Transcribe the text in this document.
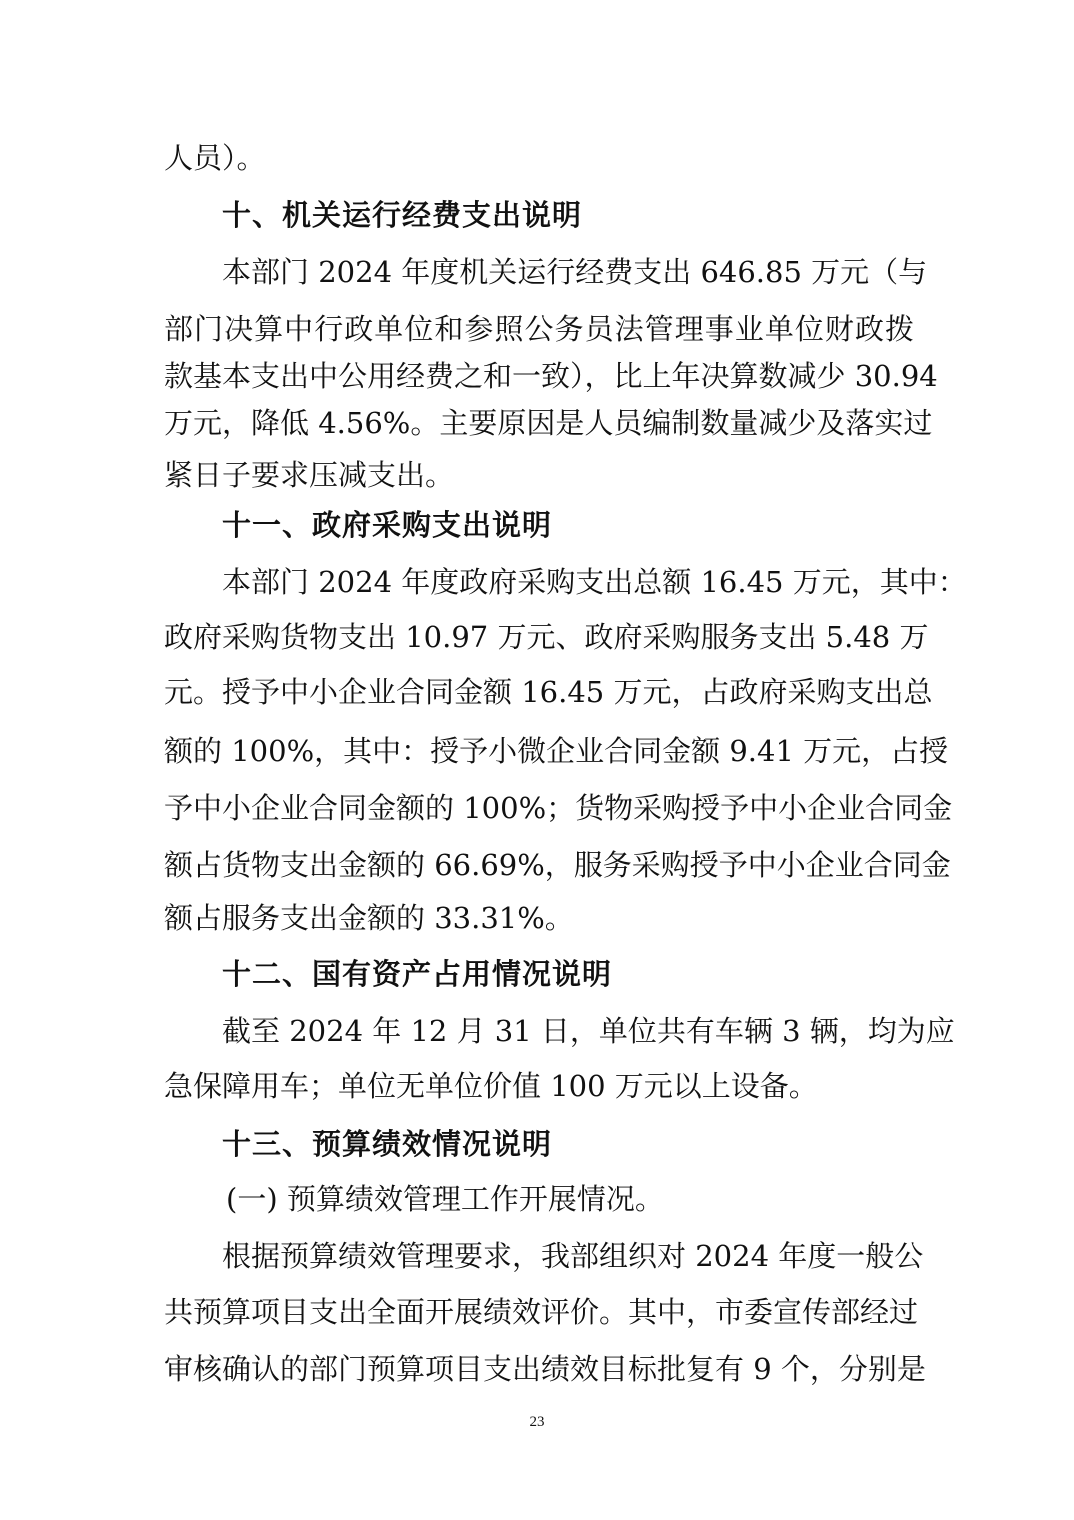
人员）。
十、机关运行经费支出说明
本部门 2024 年度机关运行经费支出 646.85 万元（与
部门决算中行政单位和参照公务员法管理事业单位财政拨
款基本支出中公用经费之和一致），比上年决算数减少 30.94
万元，降低 4.56%。主要原因是人员编制数量减少及落实过
紧日子要求压减支出。
十一、政府采购支出说明
本部门 2024 年度政府采购支出总额 16.45 万元，其中：
政府采购货物支出 10.97 万元、政府采购服务支出 5.48 万
元。授予中小企业合同金额 16.45 万元，占政府采购支出总
额的 100%，其中：授予小微企业合同金额 9.41 万元，占授
予中小企业合同金额的 100%；货物采购授予中小企业合同金
额占货物支出金额的 66.69%，服务采购授予中小企业合同金
额占服务支出金额的 33.31%。
十二、国有资产占用情况说明
截至 2024 年 12 月 31 日，单位共有车辆 3 辆，均为应
急保障用车；单位无单位价值 100 万元以上设备。
十三、预算绩效情况说明
(一) 预算绩效管理工作开展情况。
根据预算绩效管理要求，我部组织对 2024 年度一般公
共预算项目支出全面开展绩效评价。其中，市委宣传部经过
审核确认的部门预算项目支出绩效目标批复有 9 个，分别是
23
